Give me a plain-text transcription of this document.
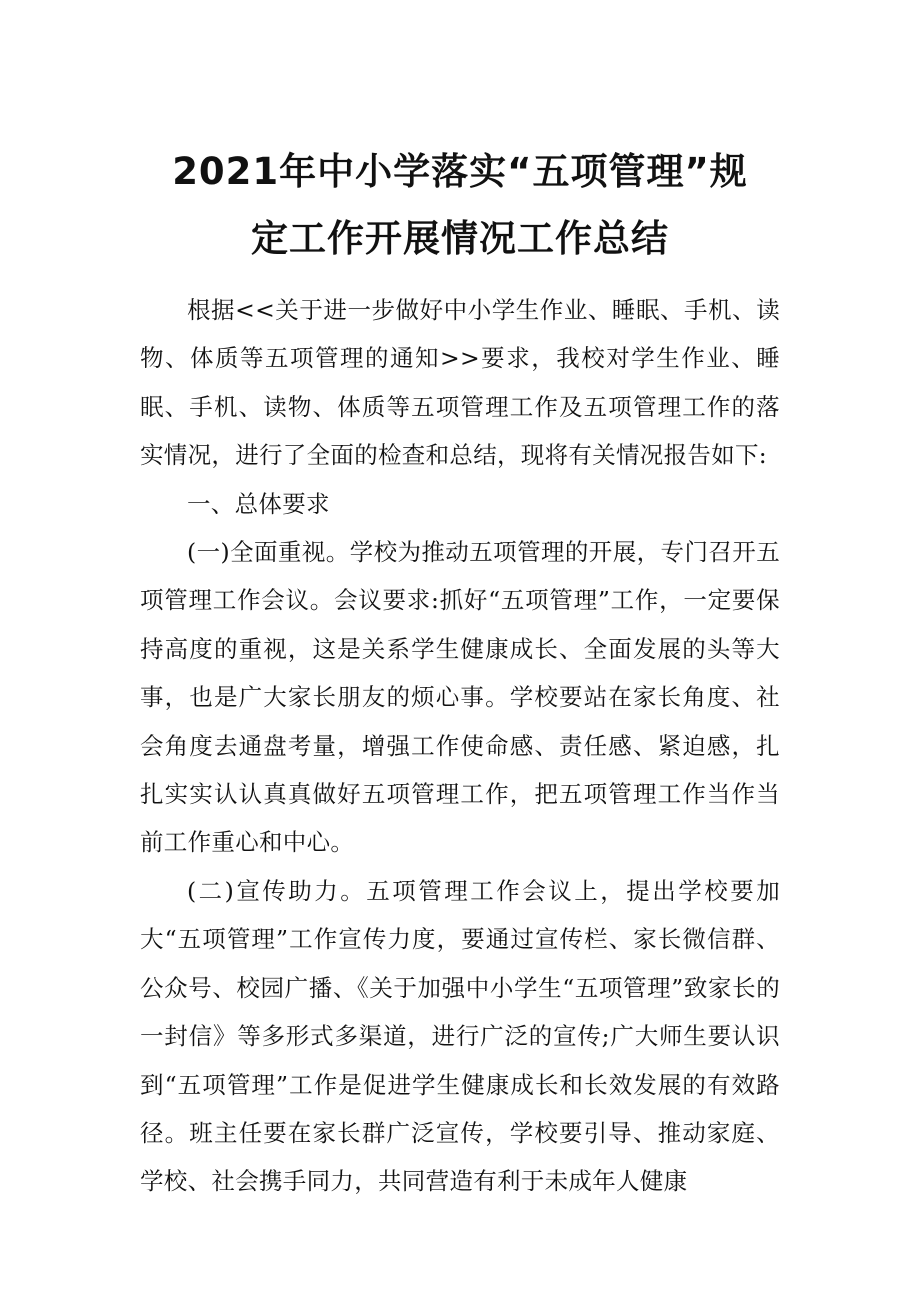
2021年中小学落实“五项管理”规
定工作开展情况工作总结

根据<<关于进一步做好中小学生作业、睡眠、手机、读物、体质等五项管理的通知>>要求，我校对学生作业、睡眠、手机、读物、体质等五项管理工作及五项管理工作的落实情况，进行了全面的检查和总结，现将有关情况报告如下:

一、总体要求

(一)全面重视。学校为推动五项管理的开展，专门召开五项管理工作会议。会议要求:抓好“五项管理”工作，一定要保持高度的重视，这是关系学生健康成长、全面发展的头等大事，也是广大家长朋友的烦心事。学校要站在家长角度、社会角度去通盘考量，增强工作使命感、责任感、紧迫感，扎扎实实认认真真做好五项管理工作，把五项管理工作当作当前工作重心和中心。

(二)宣传助力。五项管理工作会议上，提出学校要加大“五项管理”工作宣传力度，要通过宣传栏、家长微信群、公众号、校园广播、《关于加强中小学生“五项管理”致家长的一封信》等多形式多渠道，进行广泛的宣传;广大师生要认识到“五项管理”工作是促进学生健康成长和长效发展的有效路径。班主任要在家长群广泛宣传，学校要引导、推动家庭、学校、社会携手同力，共同营造有利于未成年人健康
